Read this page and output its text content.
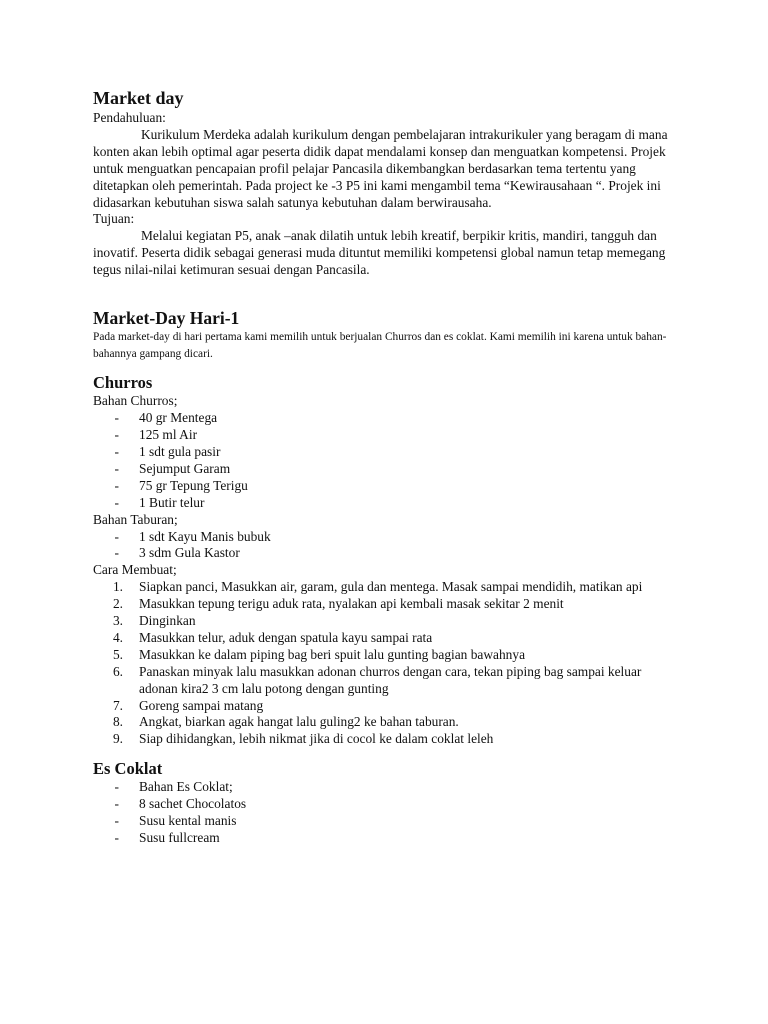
Market day

Pendahuluan:

Kurikulum Merdeka adalah kurikulum dengan pembelajaran intrakurikuler yang beragam di mana konten akan lebih optimal agar peserta didik dapat mendalami konsep dan menguatkan kompetensi. Projek untuk menguatkan pencapaian profil pelajar Pancasila dikembangkan berdasarkan tema tertentu yang ditetapkan oleh pemerintah. Pada project ke -3 P5 ini kami mengambil tema “Kewirausahaan “. Projek ini didasarkan kebutuhan siswa salah satunya kebutuhan dalam berwirausaha.

Tujuan:

Melalui kegiatan P5, anak –anak dilatih untuk lebih kreatif, berpikir kritis, mandiri, tangguh dan inovatif. Peserta didik sebagai generasi muda dituntut memiliki kompetensi global namun tetap memegang tegus nilai-nilai ketimuran sesuai dengan Pancasila.

Market-Day Hari-1

Pada market-day di hari pertama kami memilih untuk berjualan Churros dan es coklat. Kami memilih ini karena untuk bahan-bahannya gampang dicari.

Churros

Bahan Churros;

- 40 gr Mentega
- 125 ml Air
- 1 sdt gula pasir
- Sejumput Garam
- 75 gr Tepung Terigu
- 1 Butir telur

Bahan Taburan;

- 1 sdt Kayu Manis bubuk
- 3 sdm Gula Kastor

Cara Membuat;

1. Siapkan panci, Masukkan air, garam, gula dan mentega. Masak sampai mendidih, matikan api
2. Masukkan tepung terigu aduk rata, nyalakan api kembali masak sekitar 2 menit
3. Dinginkan
4. Masukkan telur, aduk dengan spatula kayu sampai rata
5. Masukkan ke dalam piping bag beri spuit lalu gunting bagian bawahnya
6. Panaskan minyak lalu masukkan adonan churros dengan cara, tekan piping bag sampai keluar adonan kira2 3 cm lalu potong dengan gunting
7. Goreng sampai matang
8. Angkat, biarkan agak hangat lalu guling2 ke bahan taburan.
9. Siap dihidangkan, lebih nikmat jika di cocol ke dalam coklat leleh
Es Coklat
- Bahan Es Coklat;
- 8 sachet Chocolatos
- Susu kental manis
- Susu fullcream
